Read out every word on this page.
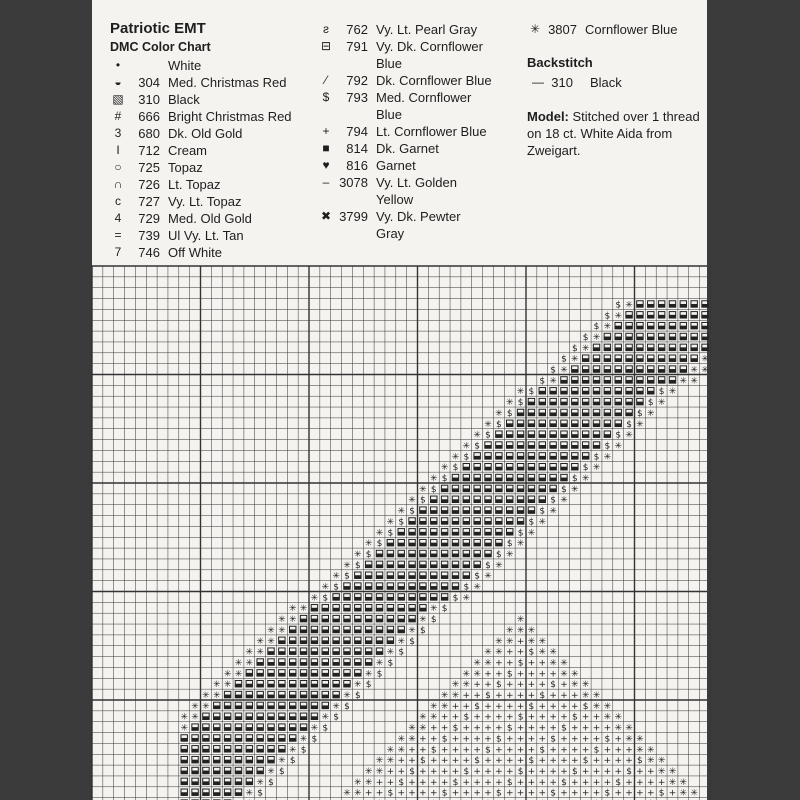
Patriotic EMT
DMC Color Chart
•	White
◒	304 Med. Christmas Red
▧	310 Black
#	666 Bright Christmas Red
3	680 Dk. Old Gold
I	712 Cream
○	725 Topaz
∩	726 Lt. Topaz
c	727 Vy. Lt. Topaz
4	729 Med. Old Gold
=	739 Ul Vy. Lt. Tan
7	746 Off White
ƨ	762 Vy. Lt. Pearl Gray
⊟	791 Vy. Dk. Cornflower
Blue
⁄	792 Dk. Cornflower Blue
$	793 Med. Cornflower
Blue
+	794 Lt. Cornflower Blue
■	814 Dk. Garnet
♥	816 Garnet
– 3078 Vy. Lt. Golden
Yellow
✖ 3799 Vy. Dk. Pewter
Gray
✳ 3807 Cornflower Blue
Backstitch
— 310 Black
Model: Stitched over 1 thread on 18 ct. White Aida from Zweigart.
$ ✳
$ ✳
$ ✳
$ ✳
$ ✳
$ ✳	✳
$ ✳	✳ ✳
$ ✳	✳ ✳
✳ $	$ ✳
✳ $	$ ✳
✳ $	$ ✳
✳ $	$ ✳
✳ $	$ ✳
✳ $	$ ✳
✳ $	$ ✳
✳ $	$ ✳
✳ $	$ ✳
✳ $	$ ✳
✳ $	$ ✳
✳ $	$ ✳
✳ $	$ ✳
✳ $	$ ✳
✳ $	$ ✳
✳ $	$ ✳
✳ $	$ ✳
✳ $	$ ✳
✳ $	$ ✳
✳ $	$ ✳
✳ ✳	✳ $
✳ ✳	✳ $
✳ ✳	✳ $
✳ ✳	✳ $
✳ ✳	✳ $
✳ ✳	✳ $
✳ ✳	✳ $
✳ ✳	✳ $
✳ ✳	✳ $
✳ ✳	✳ $
✳ ✳	✳ $
✳	✳ $
✳ $
✳ $
✳ $
✳ $
✳ $
✳ $
✳
✳ ✳ ✳
✳ ✳ + ✳ ✳
✳ ✳ + + $ ✳ ✳
✳ ✳ + + $ + + ✳ ✳
✳ ✳ + + $ + + + + ✳ ✳
✳ ✳ + + $ + + + + $ + ✳ ✳
✳ ✳ + + $ + + + + $ + + + ✳ ✳
✳ ✳ + + $ + + + + $ + + + + $ ✳ ✳
✳ ✳ + + $ + + + + $ + + + + $ + + ✳ ✳
✳ ✳ + + $ + + + + $ + + + + $ + + + + ✳ ✳
✳ ✳ + + $ + + + + $ + + + + $ + + + + $ + ✳ ✳
✳ ✳ + + $ + + + + $ + + + + $ + + + + $ + + + ✳ ✳
✳ ✳ + + $ + + + + $ + + + + $ + + + + $ + + + + $ ✳ ✳
✳ ✳ + + $ + + + + $ + + + + $ + + + + $ + + + + $ + + ✳ ✳
✳ ✳ + + $ + + + + $ + + + + $ + + + + $ + + + + $ + + + + ✳ ✳
✳ ✳ + + $ + + + + $ + + + + $ + + + + $ + + + + $ + + + + $ + ✳ ✳
